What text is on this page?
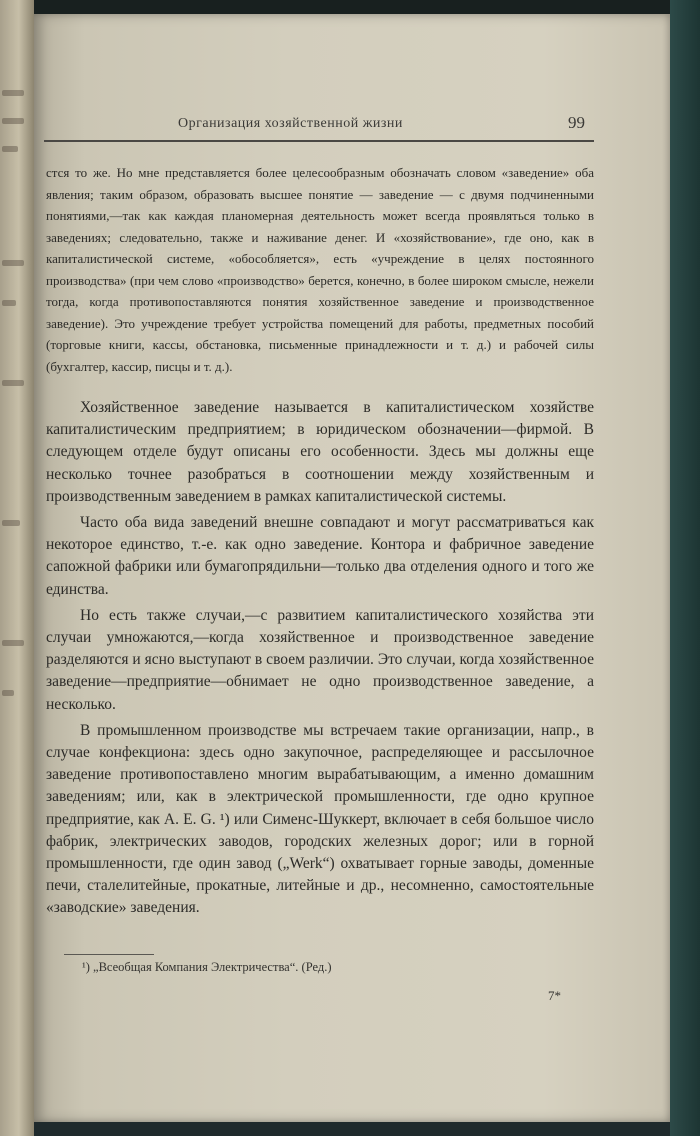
Организация хозяйственной жизни	99

стся то же. Но мне представляется более целесообразным обозначать словом «заведение» оба явления; таким образом, образовать высшее понятие — заведение — с двумя подчиненными понятиями,—так как каждая планомерная деятельность может всегда проявляться только в заведениях; следовательно, также и наживание денег. И «хозяйствование», где оно, как в капиталистической системе, «обособляется», есть «учреждение в целях постоянного производства» (при чем слово «производство» берется, конечно, в более широком смысле, нежели тогда, когда противопоставляются понятия хозяйственное заведение и производственное заведение). Это учреждение требует устройства помещений для работы, предметных пособий (торговые книги, кассы, обстановка, письменные принадлежности и т. д.) и рабочей силы (бухгалтер, кассир, писцы и т. д.).

Хозяйственное заведение называется в капиталистическом хозяйстве капиталистическим предприятием; в юридическом обозначении—фирмой. В следующем отделе будут описаны его особенности. Здесь мы должны еще несколько точнее разобраться в соотношении между хозяйственным и производственным заведением в рамках капиталистической системы.

Часто оба вида заведений внешне совпадают и могут рассматриваться как некоторое единство, т.-е. как одно заведение. Контора и фабричное заведение сапожной фабрики или бумагопрядильни—только два отделения одного и того же единства.

Но есть также случаи,—с развитием капиталистического хозяйства эти случаи умножаются,—когда хозяйственное и производственное заведение разделяются и ясно выступают в своем различии. Это случаи, когда хозяйственное заведение—предприятие—обнимает не одно производственное заведение, а несколько.

В промышленном производстве мы встречаем такие организации, напр., в случае конфекциона: здесь одно закупочное, распределяющее и рассылочное заведение противопоставлено многим вырабатывающим, а именно домашним заведениям; или, как в электрической промышленности, где одно крупное предприятие, как A. E. G. ¹) или Сименс-Шуккерт, включает в себя большое число фабрик, электрических заводов, городских железных дорог; или в горной промышленности, где один завод („Werk“) охватывает горные заводы, доменные печи, сталелитейные, прокатные, литейные и др., несомненно, самостоятельные «заводские» заведения.

¹) „Всеобщая Компания Электричества“. (Ред.)
7*
